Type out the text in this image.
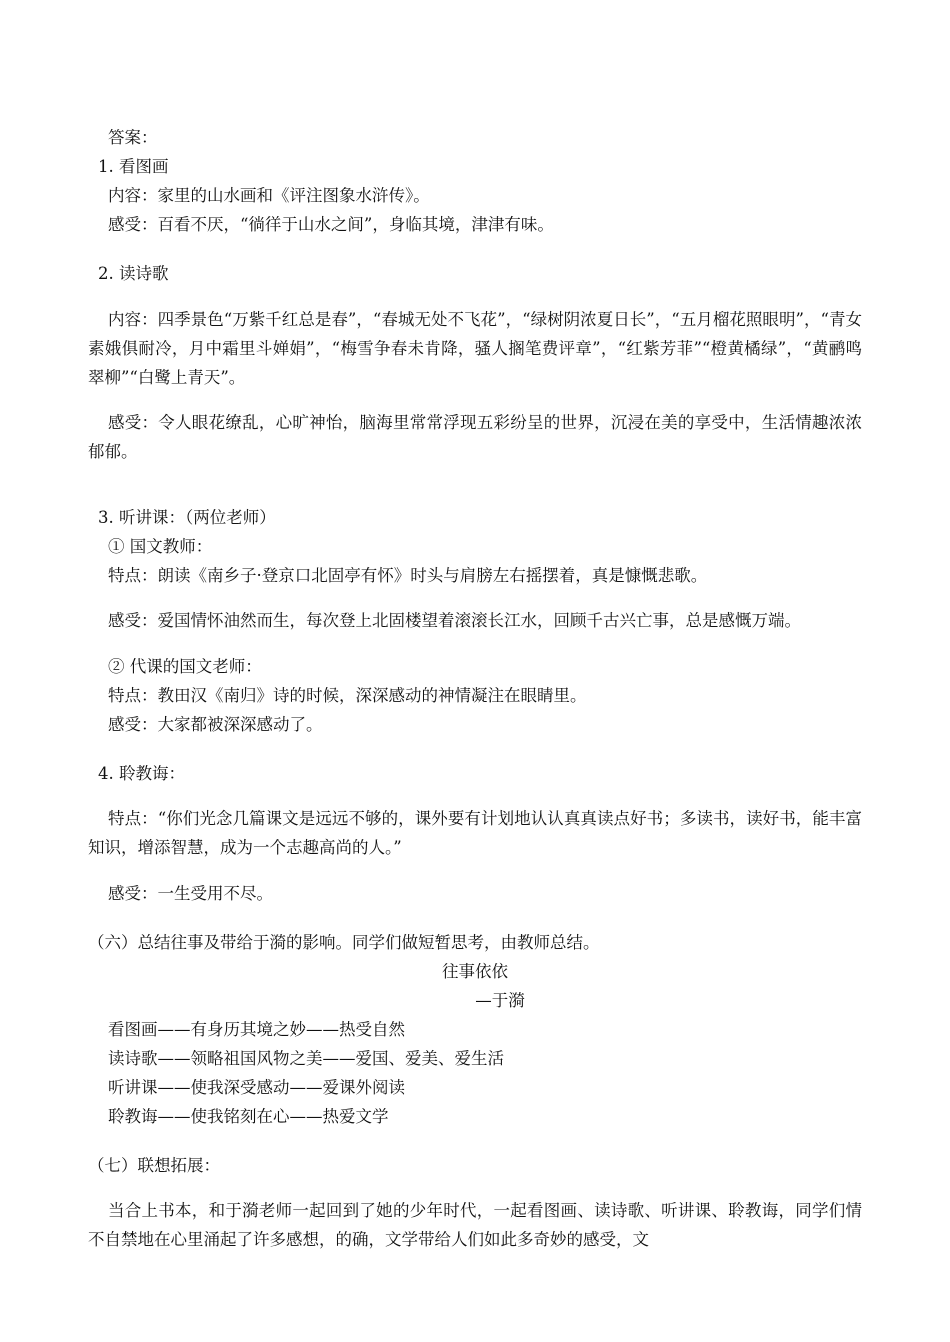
答案：

1. 看图画

内容：家里的山水画和《评注图象水浒传》。

感受：百看不厌，“徜徉于山水之间”，身临其境，津津有味。

2. 读诗歌

内容：四季景色“万紫千红总是春”，“春城无处不飞花”，“绿树阴浓夏日长”，“五月榴花照眼明”，“青女素娥俱耐冷，月中霜里斗婵娟”，“梅雪争春未肯降，骚人搁笔费评章”，“红紫芳菲”“橙黄橘绿”，“黄鹂鸣翠柳”“白鹭上青天”。

感受：令人眼花缭乱，心旷神怡，脑海里常常浮现五彩纷呈的世界，沉浸在美的享受中，生活情趣浓浓郁郁。

3. 听讲课：（两位老师）

① 国文教师：

特点：朗读《南乡子·登京口北固亭有怀》时头与肩膀左右摇摆着，真是慷慨悲歌。

感受：爱国情怀油然而生，每次登上北固楼望着滚滚长江水，回顾千古兴亡事，总是感慨万端。

② 代课的国文老师：

特点：教田汉《南归》诗的时候，深深感动的神情凝注在眼睛里。

感受：大家都被深深感动了。

4. 聆教诲：

特点：“你们光念几篇课文是远远不够的，课外要有计划地认认真真读点好书；多读书，读好书，能丰富知识，增添智慧，成为一个志趣高尚的人。”

感受：一生受用不尽。

（六）总结往事及带给于漪的影响。同学们做短暂思考，由教师总结。

往事依依

—于漪

看图画——有身历其境之妙——热受自然

读诗歌——领略祖国风物之美——爱国、爱美、爱生活

听讲课——使我深受感动——爱课外阅读

聆教诲——使我铭刻在心——热爱文学

（七）联想拓展：

当合上书本，和于漪老师一起回到了她的少年时代，一起看图画、读诗歌、听讲课、聆教诲，同学们情不自禁地在心里涌起了许多感想，的确，文学带给人们如此多奇妙的感受，文
